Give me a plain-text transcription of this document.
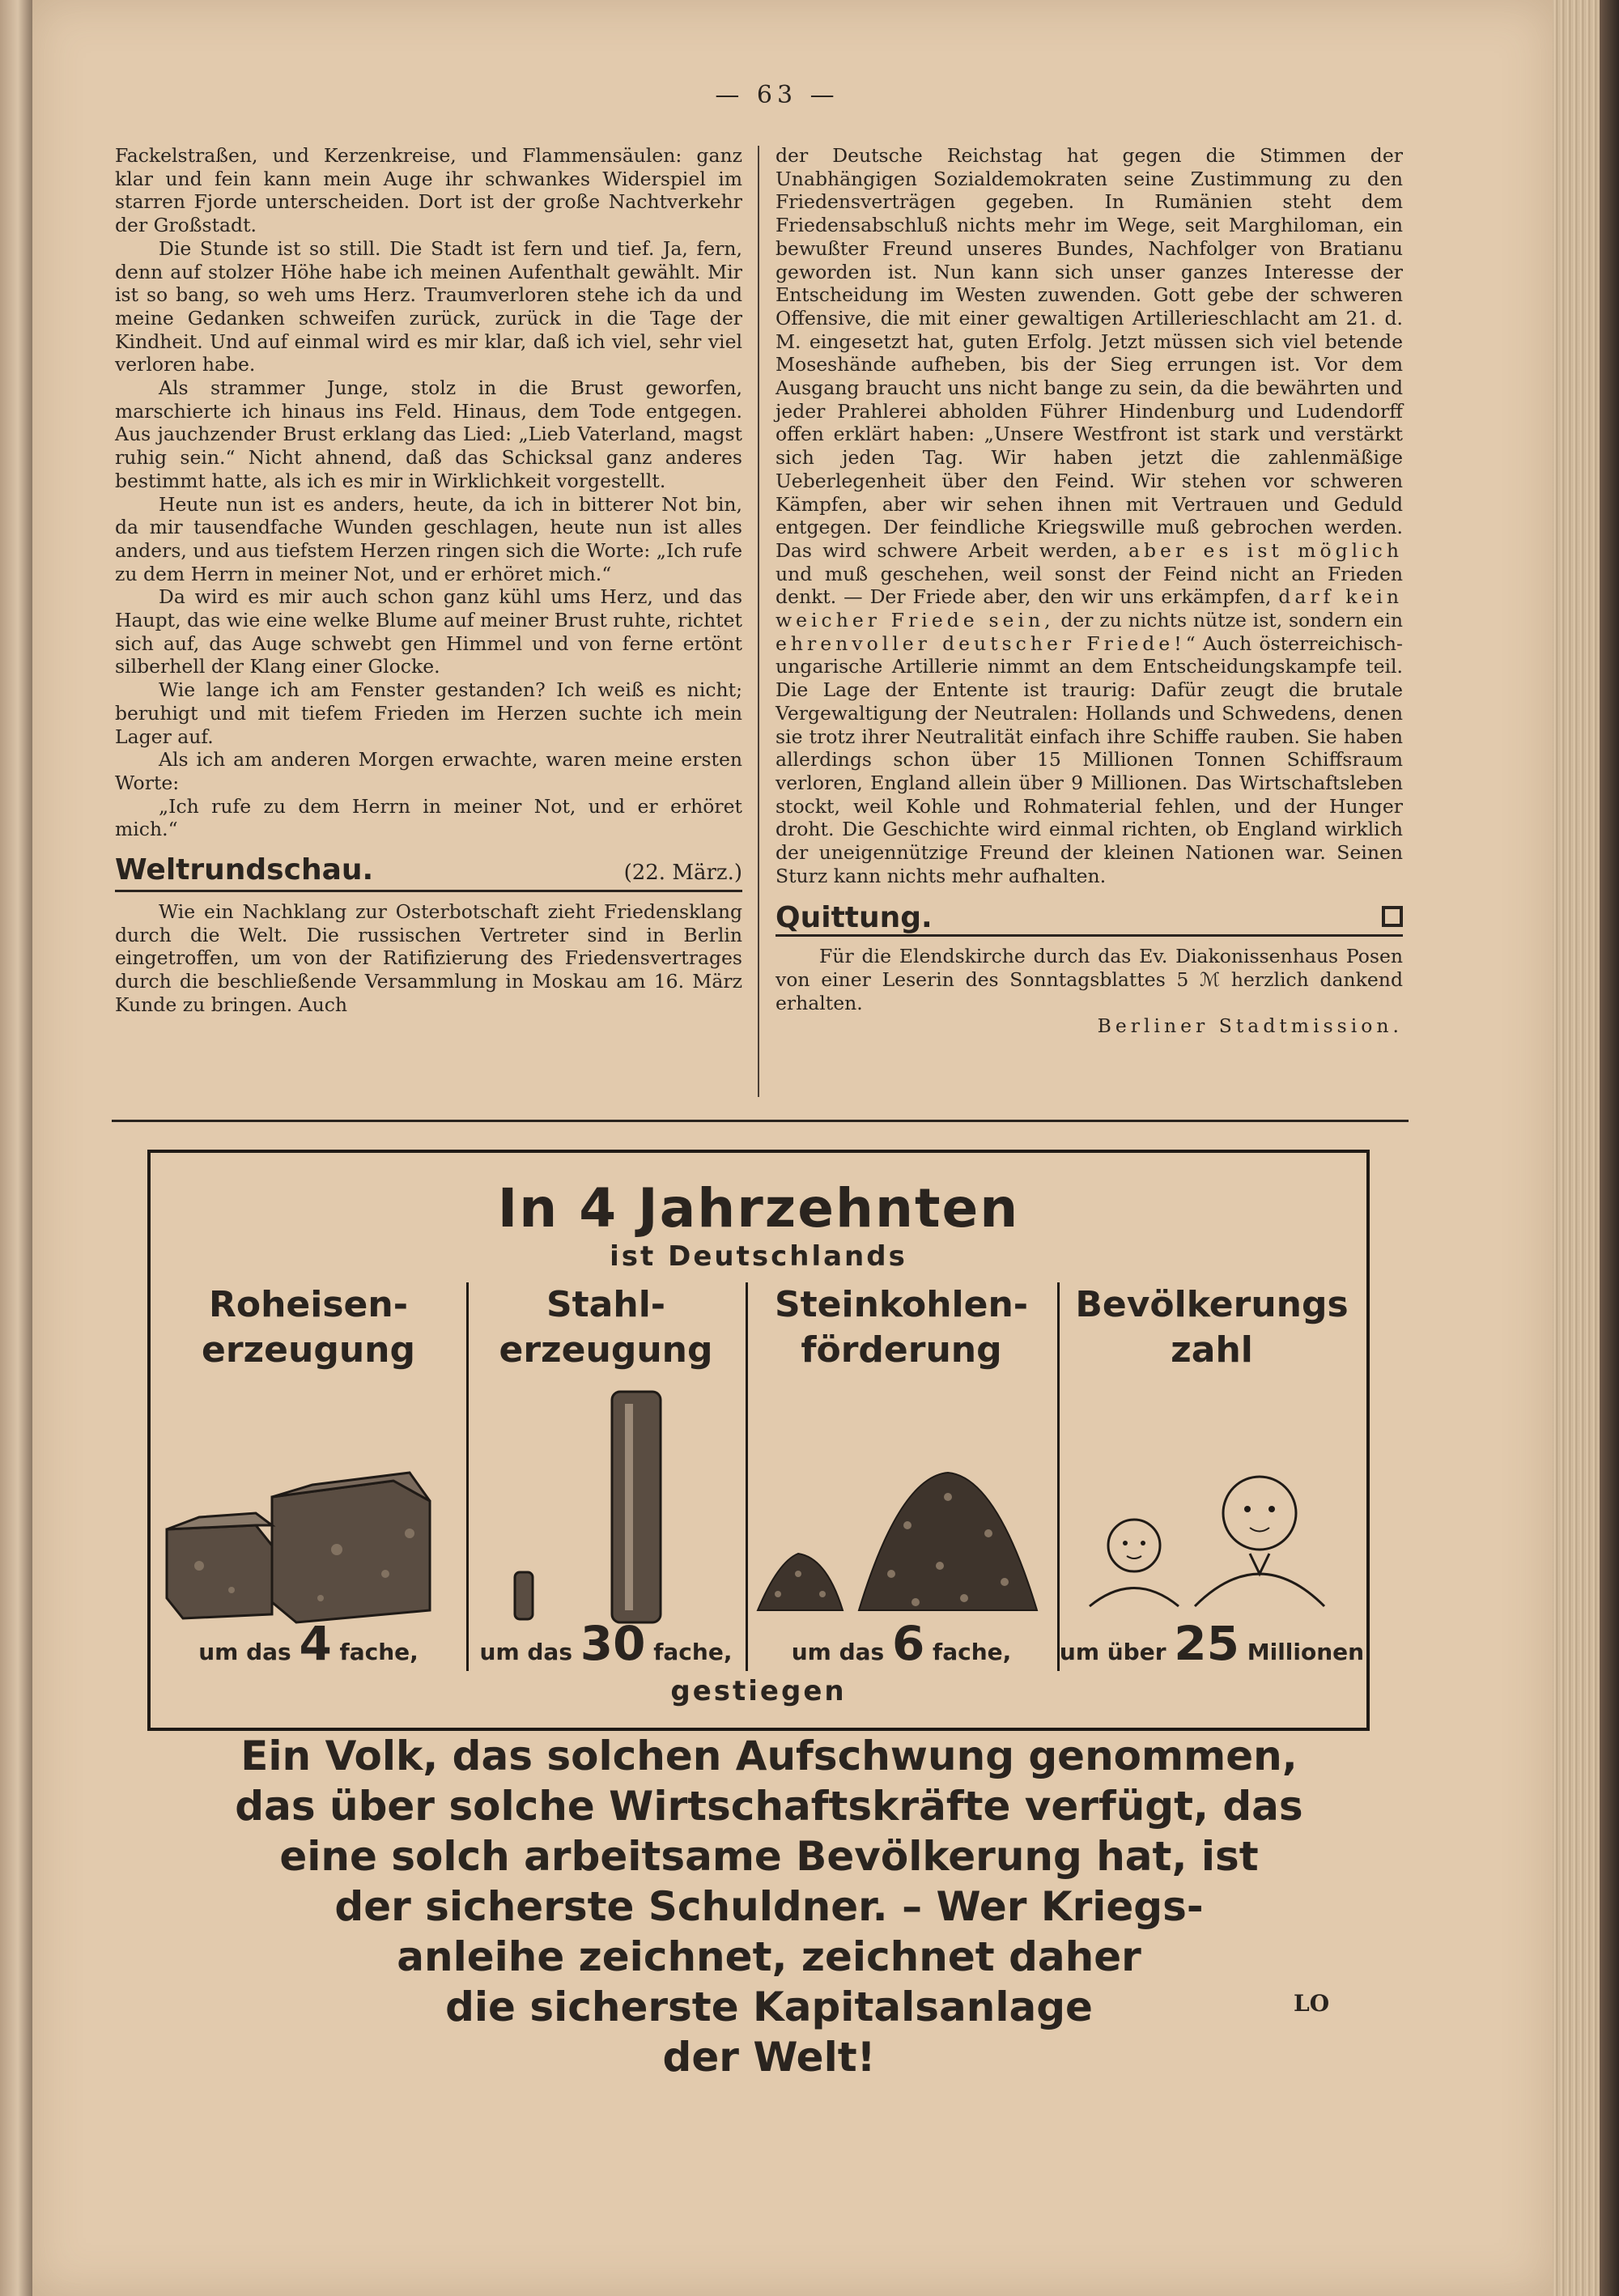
— 63 —

Fackelstraßen, und Kerzenkreise, und Flammensäulen: ganz klar und fein kann mein Auge ihr schwankes Widerspiel im starren Fjorde unterscheiden. Dort ist der große Nachtverkehr der Großstadt.

Die Stunde ist so still. Die Stadt ist fern und tief. Ja, fern, denn auf stolzer Höhe habe ich meinen Aufenthalt gewählt. Mir ist so bang, so weh ums Herz. Traumverloren stehe ich da und meine Gedanken schweifen zurück, zurück in die Tage der Kindheit. Und auf einmal wird es mir klar, daß ich viel, sehr viel verloren habe.

Als strammer Junge, stolz in die Brust geworfen, marschierte ich hinaus ins Feld. Hinaus, dem Tode entgegen. Aus jauchzender Brust erklang das Lied: „Lieb Vaterland, magst ruhig sein.“ Nicht ahnend, daß das Schicksal ganz anderes bestimmt hatte, als ich es mir in Wirklichkeit vorgestellt.

Heute nun ist es anders, heute, da ich in bitterer Not bin, da mir tausendfache Wunden geschlagen, heute nun ist alles anders, und aus tiefstem Herzen ringen sich die Worte: „Ich rufe zu dem Herrn in meiner Not, und er erhöret mich.“

Da wird es mir auch schon ganz kühl ums Herz, und das Haupt, das wie eine welke Blume auf meiner Brust ruhte, richtet sich auf, das Auge schwebt gen Himmel und von ferne ertönt silberhell der Klang einer Glocke.

Wie lange ich am Fenster gestanden? Ich weiß es nicht; beruhigt und mit tiefem Frieden im Herzen suchte ich mein Lager auf.

Als ich am anderen Morgen erwachte, waren meine ersten Worte:

„Ich rufe zu dem Herrn in meiner Not, und er erhöret mich.“

Weltrundschau.	(22. März.)

Wie ein Nachklang zur Osterbotschaft zieht Friedensklang durch die Welt. Die russischen Vertreter sind in Berlin eingetroffen, um von der Ratifizierung des Friedensvertrages durch die beschließende Versammlung in Moskau am 16. März Kunde zu bringen. Auch

der Deutsche Reichstag hat gegen die Stimmen der Unabhängigen Sozialdemokraten seine Zustimmung zu den Friedensverträgen gegeben. In Rumänien steht dem Friedensabschluß nichts mehr im Wege, seit Marghiloman, ein bewußter Freund unseres Bundes, Nachfolger von Bratianu geworden ist. Nun kann sich unser ganzes Interesse der Entscheidung im Westen zuwenden. Gott gebe der schweren Offensive, die mit einer gewaltigen Artillerieschlacht am 21. d. M. eingesetzt hat, guten Erfolg. Jetzt müssen sich viel betende Moseshände aufheben, bis der Sieg errungen ist. Vor dem Ausgang braucht uns nicht bange zu sein, da die bewährten und jeder Prahlerei abholden Führer Hindenburg und Ludendorff offen erklärt haben: „Unsere Westfront ist stark und verstärkt sich jeden Tag. Wir haben jetzt die zahlenmäßige Ueberlegenheit über den Feind. Wir stehen vor schweren Kämpfen, aber wir sehen ihnen mit Vertrauen und Geduld entgegen. Der feindliche Kriegswille muß gebrochen werden. Das wird schwere Arbeit werden, aber es ist möglich und muß geschehen, weil sonst der Feind nicht an Frieden denkt. — Der Friede aber, den wir uns erkämpfen, darf kein weicher Friede sein, der zu nichts nütze ist, sondern ein ehrenvoller deutscher Friede!“ Auch österreichisch-ungarische Artillerie nimmt an dem Entscheidungskampfe teil. Die Lage der Entente ist traurig: Dafür zeugt die brutale Vergewaltigung der Neutralen: Hollands und Schwedens, denen sie trotz ihrer Neutralität einfach ihre Schiffe rauben. Sie haben allerdings schon über 15 Millionen Tonnen Schiffsraum verloren, England allein über 9 Millionen. Das Wirtschaftsleben stockt, weil Kohle und Rohmaterial fehlen, und der Hunger droht. Die Geschichte wird einmal richten, ob England wirklich der uneigennützige Freund der kleinen Nationen war. Seinen Sturz kann nichts mehr aufhalten.

Quittung.

Für die Elendskirche durch das Ev. Diakonissenhaus Posen von einer Leserin des Sonntagsblattes 5 ℳ herzlich dankend erhalten.

Berliner Stadtmission.

In 4 Jahrzehnten
ist Deutschlands
Roheisen-
erzeugung
um das 4 fache,
Stahl-
erzeugung
um das 30 fache,
Steinkohlen-
förderung
um das 6 fache,
Bevölkerungs
zahl
um über 25 Millionen
gestiegen
Ein Volk, das solchen Aufschwung genommen,
das über solche Wirtschaftskräfte verfügt, das
eine solch arbeitsame Bevölkerung hat, ist
der sicherste Schuldner. – Wer Kriegs-
anleihe zeichnet, zeichnet daher
die sicherste Kapitalsanlage
der Welt!
LO
